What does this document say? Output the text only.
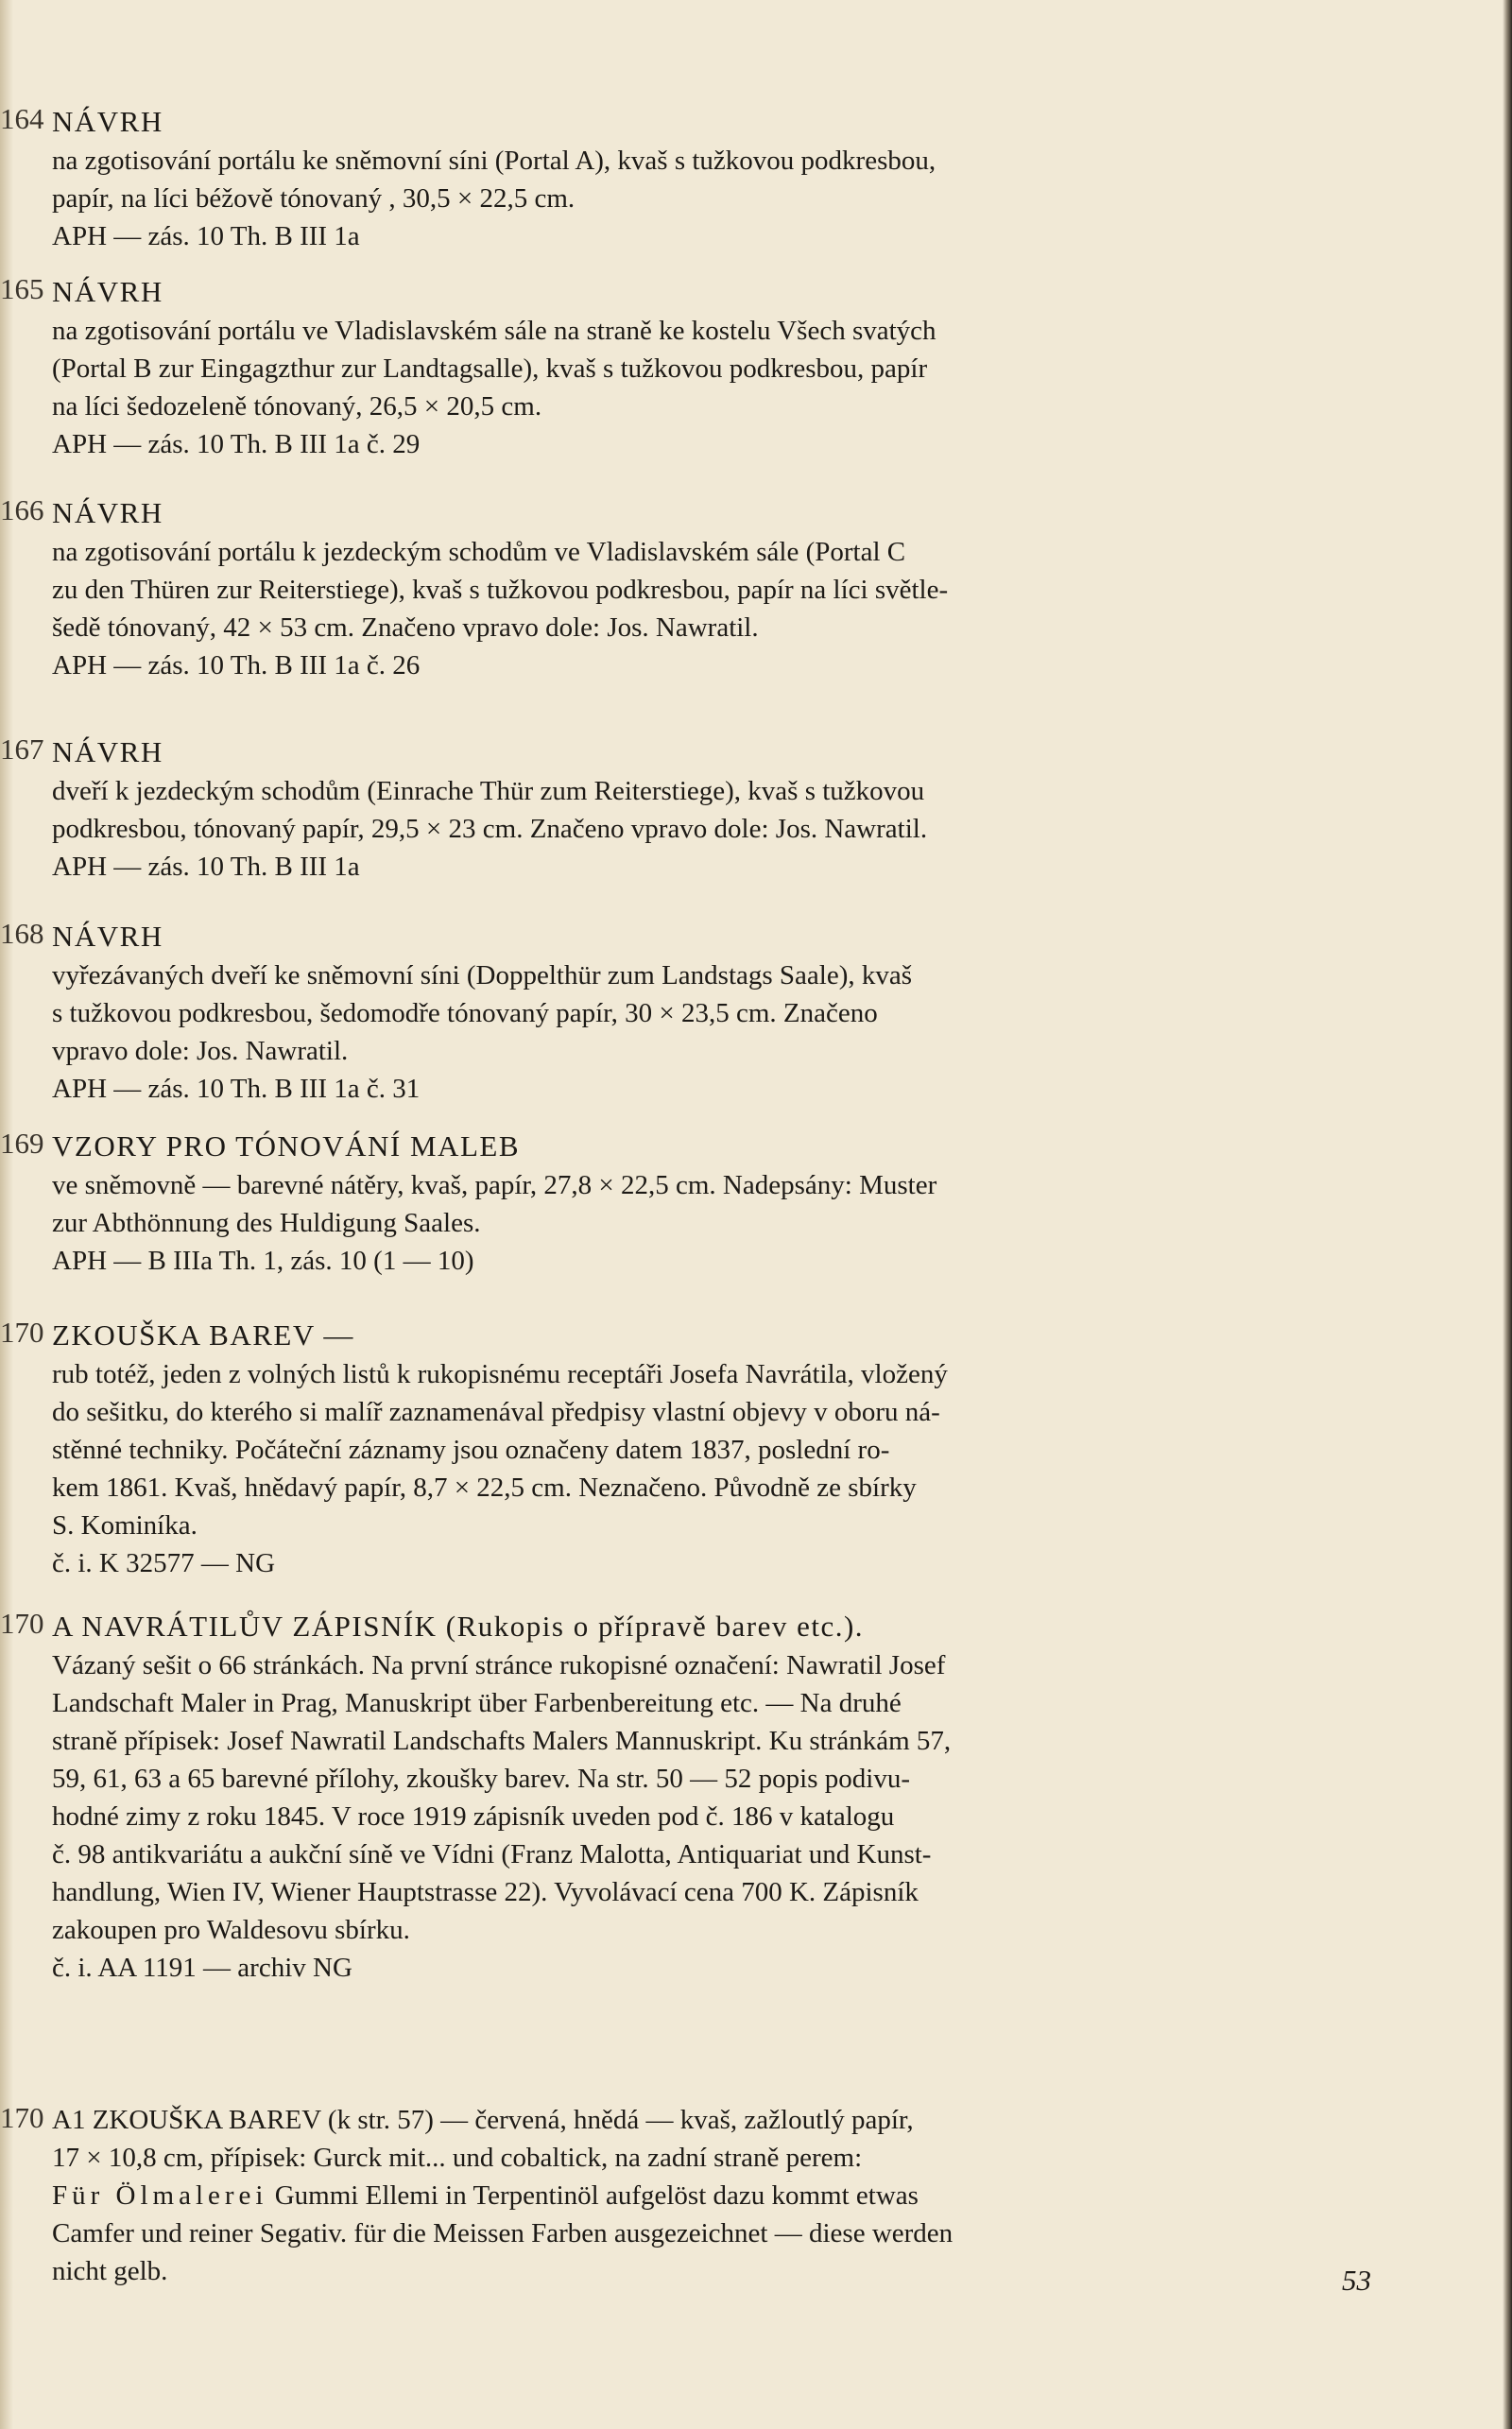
164 NÁVRH
na zgotisování portálu ke sněmovní síni (Portal A), kvaš s tužkovou podkresbou,
papír, na líci béžově tónovaný , 30,5 × 22,5 cm.
APH — zás. 10 Th. B III 1a
165 NÁVRH
na zgotisování portálu ve Vladislavském sále na straně ke kostelu Všech svatých
(Portal B zur Eingagzthur zur Landtagsalle), kvaš s tužkovou podkresbou, papír
na líci šedozeleně tónovaný, 26,5 × 20,5 cm.
APH — zás. 10 Th. B III 1a č. 29
166 NÁVRH
na zgotisování portálu k jezdeckým schodům ve Vladislavském sále (Portal C
zu den Thüren zur Reiterstiege), kvaš s tužkovou podkresbou, papír na líci světle-
šedě tónovaný, 42 × 53 cm. Značeno vpravo dole: Jos. Nawratil.
APH — zás. 10 Th. B III 1a č. 26
167 NÁVRH
dveří k jezdeckým schodům (Einrache Thür zum Reiterstiege), kvaš s tužkovou
podkresbou, tónovaný papír, 29,5 × 23 cm. Značeno vpravo dole: Jos. Nawratil.
APH — zás. 10 Th. B III 1a
168 NÁVRH
vyřezávaných dveří ke sněmovní síni (Doppelthür zum Landstags Saale), kvaš
s tužkovou podkresbou, šedomodře tónovaný papír, 30 × 23,5 cm. Značeno
vpravo dole: Jos. Nawratil.
APH — zás. 10 Th. B III 1a č. 31
169 VZORY PRO TÓNOVÁNÍ MALEB
ve sněmovně — barevné nátěry, kvaš, papír, 27,8 × 22,5 cm. Nadepsány: Muster
zur Abthönnung des Huldigung Saales.
APH — B IIIa Th. 1, zás. 10 (1 — 10)
170 ZKOUŠKA BAREV —
rub totéž, jeden z volných listů k rukopisnému receptáři Josefa Navrátila, vložený
do sešitku, do kterého si malíř zaznamenával předpisy vlastní objevy v oboru ná-
stěnné techniky. Počáteční záznamy jsou označeny datem 1837, poslední ro-
kem 1861. Kvaš, hnědavý papír, 8,7 × 22,5 cm. Neznačeno. Původně ze sbírky
S. Kominíka.
č. i. K 32577 — NG
170 A NAVRÁTILŮV ZÁPISNÍK (Rukopis o přípravě barev etc.).
Vázaný sešit o 66 stránkách. Na první stránce rukopisné označení: Nawratil Josef
Landschaft Maler in Prag, Manuskript über Farbenbereitung etc. — Na druhé
straně přípisek: Josef Nawratil Landschafts Malers Mannuskript. Ku stránkám 57,
59, 61, 63 a 65 barevné přílohy, zkoušky barev. Na str. 50 — 52 popis podivu-
hodné zimy z roku 1845. V roce 1919 zápisník uveden pod č. 186 v katalogu
č. 98 antikvariátu a aukční síně ve Vídni (Franz Malotta, Antiquariat und Kunst-
handlung, Wien IV, Wiener Hauptstrasse 22). Vyvolávací cena 700 K. Zápisník
zakoupen pro Waldesovu sbírku.
č. i. AA 1191 — archiv NG
170 A1 ZKOUŠKA BAREV (k str. 57) — červená, hnědá — kvaš, zažloutlý papír,
17 × 10,8 cm, přípisek: Gurck mit... und cobaltick, na zadní straně perem:
Für Ölmalerei Gummi Ellemi in Terpentinöl aufgelöst dazu kommt etwas
Camfer und reiner Segativ. für die Meissen Farben ausgezeichnet — diese werden
nicht gelb.	53
